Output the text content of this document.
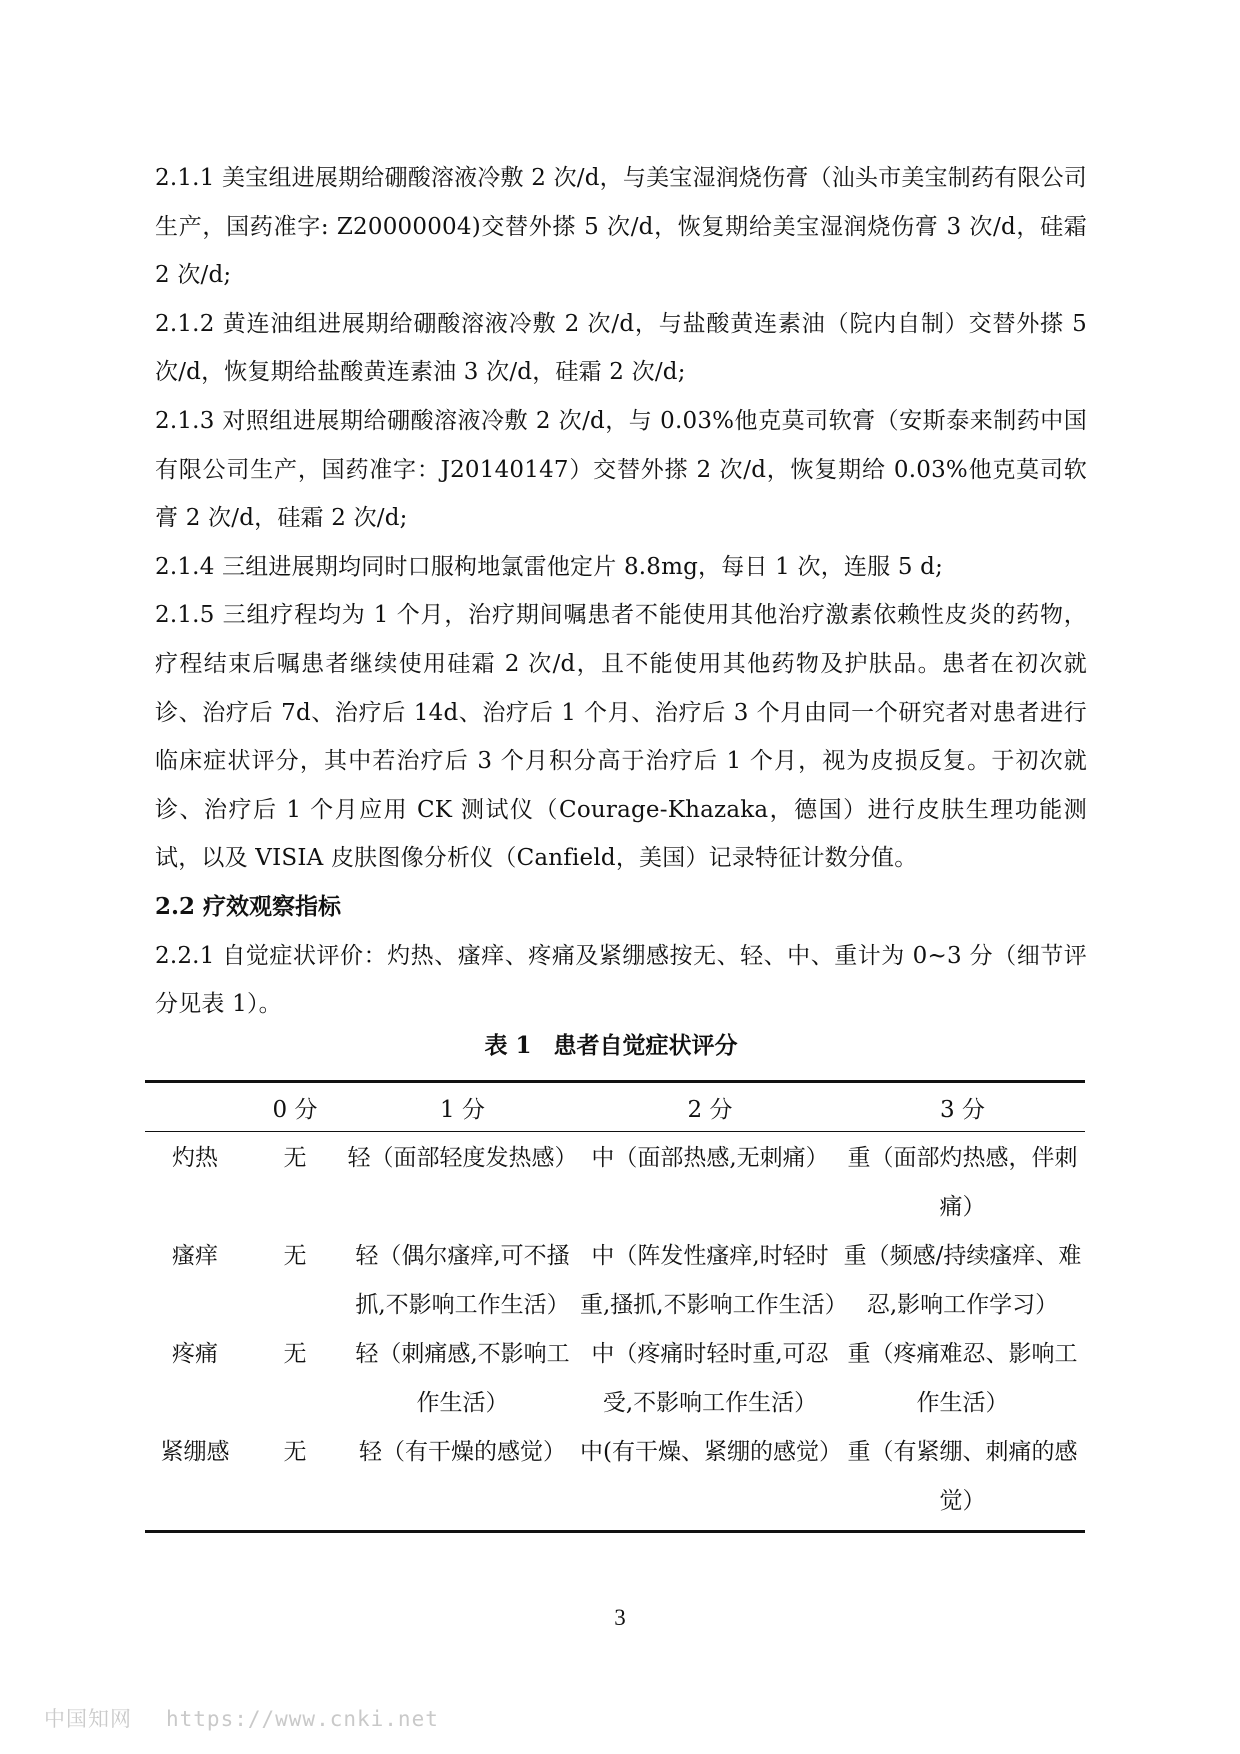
2.1.1 美宝组进展期给硼酸溶液冷敷 2 次/d，与美宝湿润烧伤膏（汕头市美宝制药有限公司生产，国药准字: Z20000004)交替外搽 5 次/d，恢复期给美宝湿润烧伤膏 3 次/d，硅霜 2 次/d;

2.1.2 黄连油组进展期给硼酸溶液冷敷 2 次/d，与盐酸黄连素油（院内自制）交替外搽 5 次/d，恢复期给盐酸黄连素油 3 次/d，硅霜 2 次/d;

2.1.3 对照组进展期给硼酸溶液冷敷 2 次/d，与 0.03%他克莫司软膏（安斯泰来制药中国有限公司生产，国药准字：J20140147）交替外搽 2 次/d，恢复期给 0.03%他克莫司软膏 2 次/d，硅霜 2 次/d;

2.1.4 三组进展期均同时口服枸地氯雷他定片 8.8mg，每日 1 次，连服 5 d;

2.1.5 三组疗程均为 1 个月，治疗期间嘱患者不能使用其他治疗激素依赖性皮炎的药物，疗程结束后嘱患者继续使用硅霜 2 次/d，且不能使用其他药物及护肤品。患者在初次就诊、治疗后 7d、治疗后 14d、治疗后 1 个月、治疗后 3 个月由同一个研究者对患者进行临床症状评分，其中若治疗后 3 个月积分高于治疗后 1 个月，视为皮损反复。于初次就诊、治疗后 1 个月应用 CK 测试仪（Courage-Khazaka，德国）进行皮肤生理功能测试，以及 VISIA 皮肤图像分析仪（Canfield，美国）记录特征计数分值。

2.2 疗效观察指标

2.2.1 自觉症状评价：灼热、瘙痒、疼痛及紧绷感按无、轻、中、重计为 0~3 分（细节评分见表 1）。

表 1 患者自觉症状评分
	0 分	1 分	2 分	3 分
灼热	无	轻（面部轻度发热感）	中（面部热感,无刺痛）	重（面部灼热感，伴刺痛）
瘙痒	无	轻（偶尔瘙痒,可不搔抓,不影响工作生活）	中（阵发性瘙痒,时轻时重,搔抓,不影响工作生活）	重（频感/持续瘙痒、难忍,影响工作学习）
疼痛	无	轻（刺痛感,不影响工作生活）	中（疼痛时轻时重,可忍受,不影响工作生活）	重（疼痛难忍、影响工作生活）
紧绷感	无	轻（有干燥的感觉）	中(有干燥、紧绷的感觉）	重（有紧绷、刺痛的感觉）
3
中国知网 https://www.cnki.net
